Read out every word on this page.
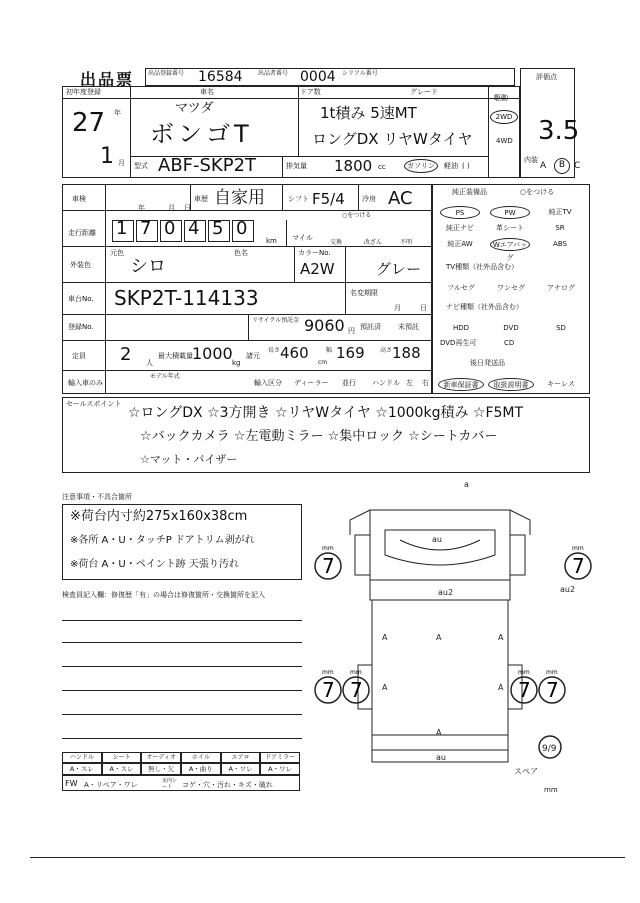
出品票 出品登録番号 16584	出品者番号 0004 シリアル番号	評価点
3.5
初年度登録
27 年
1 月
車名
マツダ
ボンゴT
ドア数	グレード
1t積み 5速MT
ロングDX リヤWタイヤ
駆動
2WD
4WD
型式 ABF-SKP2T	排気量 1800 cc	ガソリン	軽油 ( )
内装
A	B C
車検
年	月 日
車歴 自家用	シフト F5/4 冷房 AC
○をつける
走行距離 1 7 0 4 5 0
km マイル
交換	改ざん	不明
外装色
元色
シロ
色名	カラーNo.
A2W	グレー
車台No. SKP2T-114133	名変期限
月	日
登録No.
リサイクル預託金 9060 円 預託済 未預託
定員 2 人
最大積載量 1000 kg
諸元
長さ 460	幅 169	高さ 188
cm
輸入車のみ
モデル年式
輸入区分 ディーラー 並行 ハンドル 左 右
純正装備品	○をつける
PS	PW	純正TV
純正ナビ	革シート	SR
純正AW	Wエアバッグ
ABS
TV種類（社外品含む）
フルセグ	ワンセグ	アナログ
ナビ種類（社外品含む）
HDD	DVD	SD
DVD再生可	CD
後日発送品
新車保証書	取扱説明書	キーレス
セールスポイント
☆ロングDX ☆3方開き ☆リヤWタイヤ ☆1000kg積み ☆F5MT
☆バックカメラ ☆左電動ミラー ☆集中ロック ☆シートカバー
☆マット・バイザー
注意事項・不具合箇所
※荷台内寸約275x160x38cm
※各所 A・U・タッチP ドアトリム剥がれ
※荷台 A・U・ペイント跡 天張り汚れ
検査員記入欄：修復歴「有」の場合は修復箇所・交換箇所を記入
ハンドル
A・スレ
シート
A・スレ
オーディオ
無し・欠
ホイル
A・曲り
エアロ
A・ワレ
ドアミラー
A・ワレ
FW A・リペア・ワレ	室内シート	コゲ・穴・汚れ・キズ・破れ
a
au
au2	au2
A	A	A
A	A
A
au
7
mm
7
mm
7
mm
7
mm
7
mm
7
mm
9/9
スペア
mm
